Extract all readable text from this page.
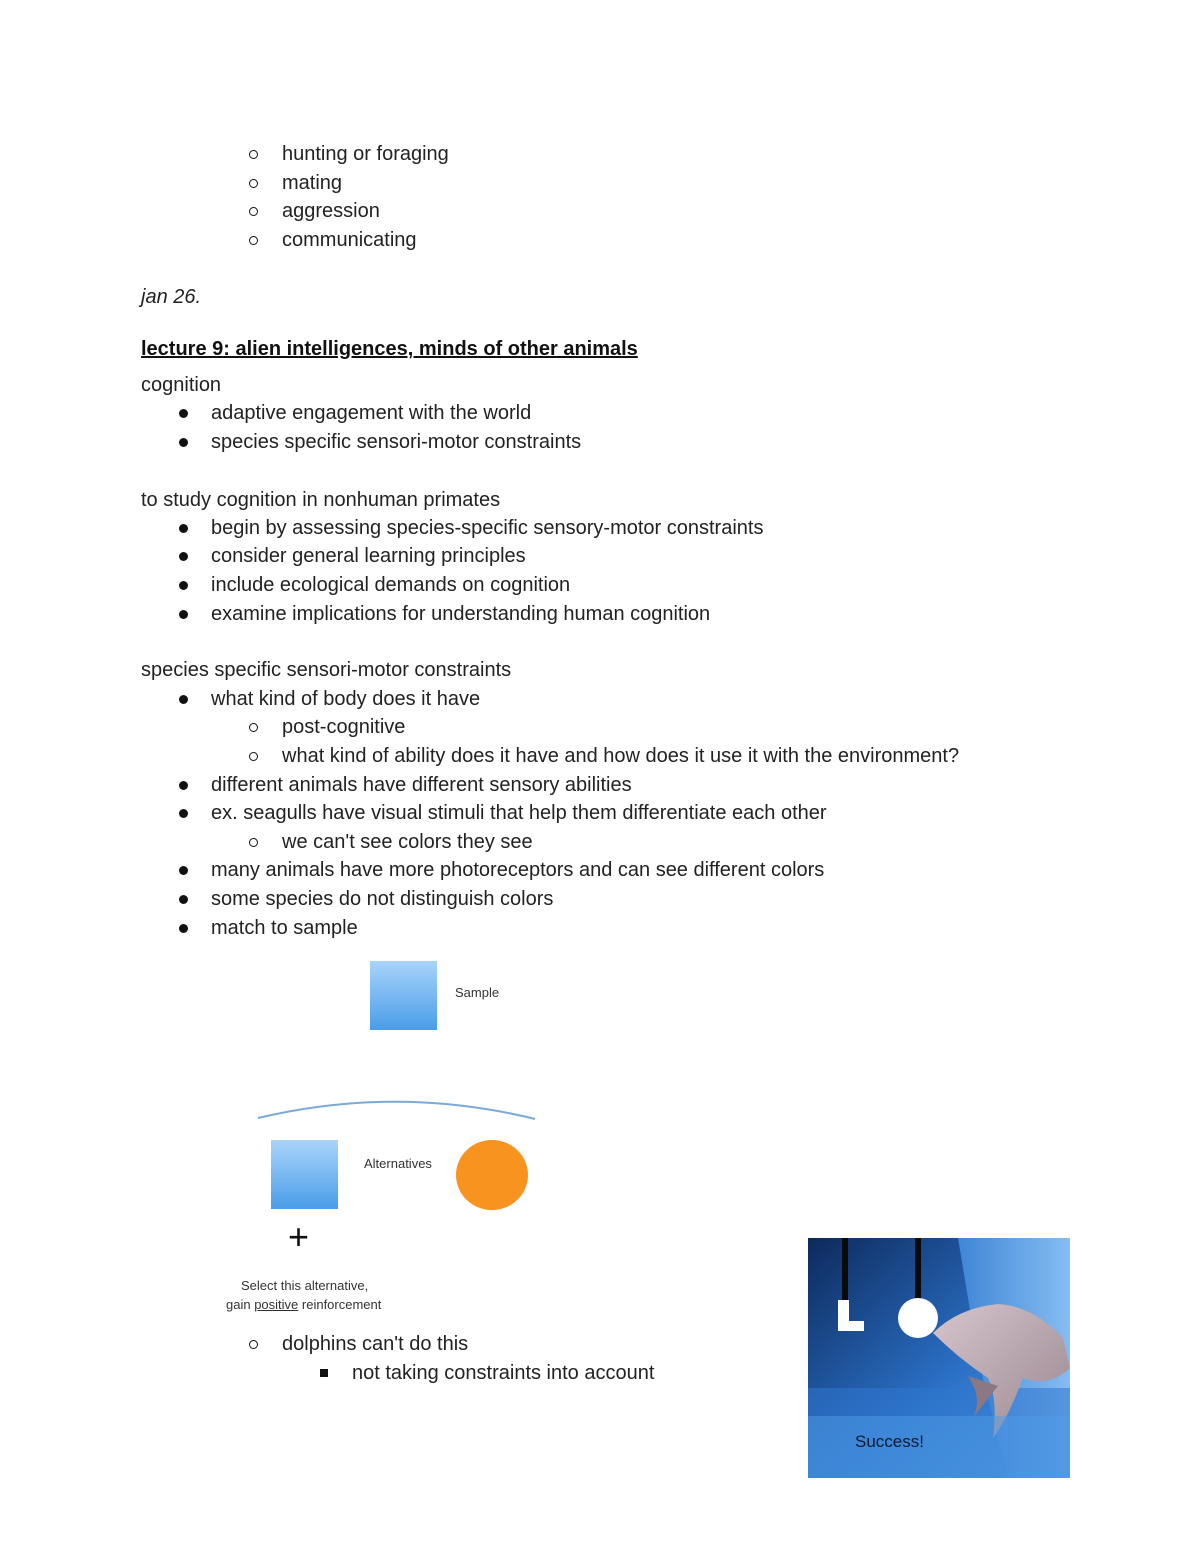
hunting or foraging
mating
aggression
communicating
jan 26.
lecture 9: alien intelligences, minds of other animals
cognition
adaptive engagement with the world
species specific sensori-motor constraints
to study cognition in nonhuman primates
begin by assessing species-specific sensory-motor constraints
consider general learning principles
include ecological demands on cognition
examine implications for understanding human cognition
species specific sensori-motor constraints
what kind of body does it have
post-cognitive
what kind of ability does it have and how does it use it with the environment?
different animals have different sensory abilities
ex. seagulls have visual stimuli that help them differentiate each other
we can't see colors they see
many animals have more photoreceptors and can see different colors
some species do not distinguish colors
match to sample
Sample
Alternatives
+
Select this alternative,
gain positive reinforcement
dolphins can't do this
not taking constraints into account
Success!
